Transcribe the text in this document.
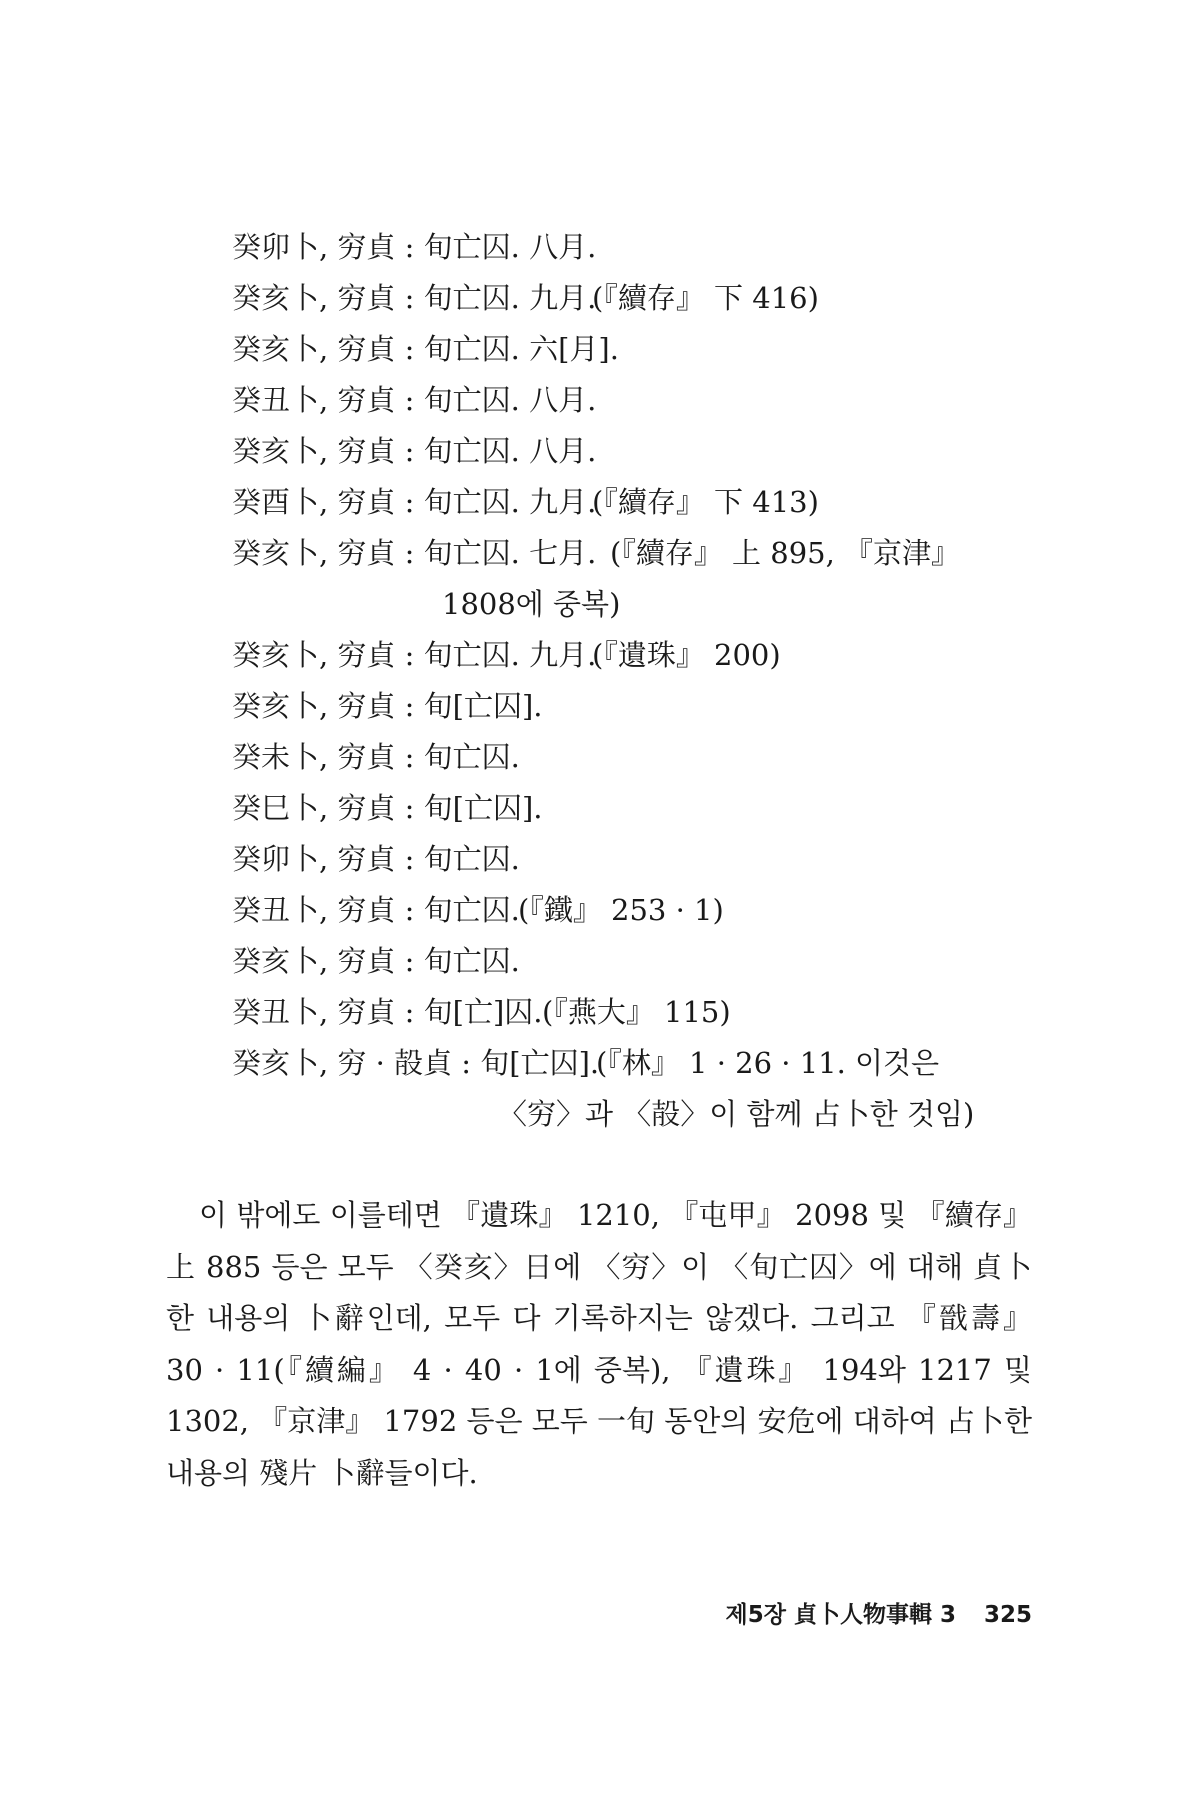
癸卯卜, 穷貞 : 旬亡囚. 八月.
癸亥卜, 穷貞 : 旬亡囚. 九月.
(『續存』 下 416)
癸亥卜, 穷貞 : 旬亡囚. 六[月].
癸丑卜, 穷貞 : 旬亡囚. 八月.
癸亥卜, 穷貞 : 旬亡囚. 八月.
癸酉卜, 穷貞 : 旬亡囚. 九月.
(『續存』 下 413)
癸亥卜, 穷貞 : 旬亡囚. 七月. (『續存』 上 895, 『京津』
1808에 중복)
癸亥卜, 穷貞 : 旬亡囚. 九月.
(『遺珠』 200)
癸亥卜, 穷貞 : 旬[亡囚].
癸未卜, 穷貞 : 旬亡囚.
癸巳卜, 穷貞 : 旬[亡囚].
癸卯卜, 穷貞 : 旬亡囚.
癸丑卜, 穷貞 : 旬亡囚.
(『鐵』 253 · 1)
癸亥卜, 穷貞 : 旬亡囚.
癸丑卜, 穷貞 : 旬[亡]囚. (『燕大』 115)
癸亥卜, 穷 · 㱿貞 : 旬[亡囚].
(『林』 1 · 26 · 11. 이것은
〈穷〉과 〈㱿〉이 함께 占卜한 것임)
이 밖에도 이를테면 『遺珠』 1210, 『屯甲』 2098 및 『續存』 上 885 등은 모두 〈癸亥〉日에 〈穷〉이 〈旬亡囚〉에 대해 貞卜한 내용의 卜辭인데, 모두 다 기록하지는 않겠다. 그리고 『戩壽』 30 · 11(『續編』 4 · 40 · 1에 중복), 『遺珠』 194와 1217 및 1302, 『京津』 1792 등은 모두 一旬 동안의 安危에 대하여 占卜한 내용의 殘片 卜辭들이다.
제5장 貞卜人物事輯 3 325
